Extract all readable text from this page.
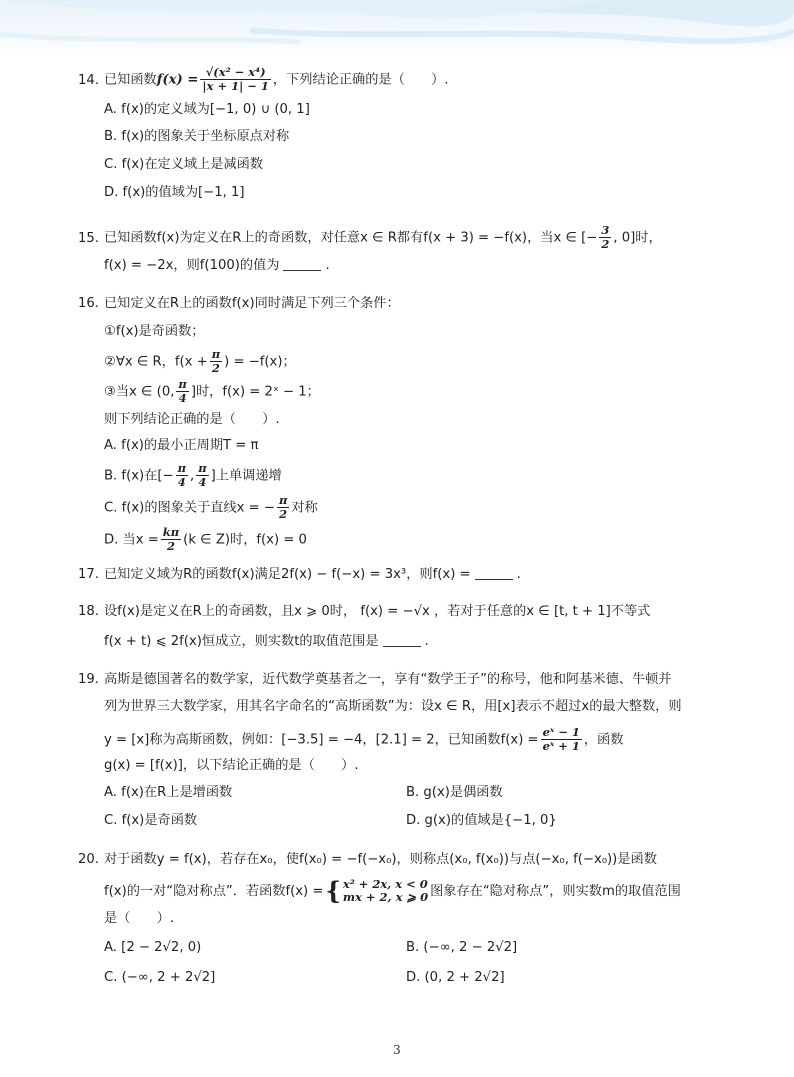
14. 已知函数$f(x) = \frac{\text{√(x² − x⁴)}}{|x + 1| - 1}$ ，下列结论正确的是（　　）.
A. f(x)的定义域为[−1, 0) ∪ (0, 1]
B. f(x)的图象关于坐标原点对称
C. f(x)在定义域上是减函数
D. f(x)的值域为[−1, 1]
15. 已知函数f(x)为定义在R上的奇函数，对任意x ∈ R都有f(x + 3) = −f(x)，当x ∈ [− $\frac{3}{2}$ , 0]时，
f(x) = −2x，则f(100)的值为	.
16. 已知定义在R上的函数f(x)同时满足下列三个条件：
①f(x)是奇函数；
②∀x ∈ R，$f(x + \frac{\pi}{2}$ ) = −f(x)；
③当x ∈ (0, $\frac{\pi}{4}$ ]时，f(x) = 2ˣ − 1；
则下列结论正确的是（　　）.
A. f(x)的最小正周期T = π
B. f(x)在[− $\frac{\pi}{4}$ , $\frac{\pi}{4}$ ]上单调递增
C. f(x)的图象关于直线x = − $\frac{\pi}{2}$ 对称
D. 当$x = \frac{k\pi}{2} (k$ ∈ Z)时，f(x) = 0
17. 已知定义域为R的函数f(x)满足2f(x) − f(−x) = 3x³，则f(x) =	.
18. 设f(x)是定义在R上的奇函数，且x ⩾ 0时， f(x) = −√x ，若对于任意的x ∈ [t, t + 1]不等式
f(x + t) ⩽ 2f(x)恒成立，则实数t的取值范围是	.
19. 高斯是德国著名的数学家，近代数学奠基者之一，享有“数学王子”的称号，他和阿基米德、牛顿并
列为世界三大数学家，用其名字命名的“高斯函数”为：设x ∈ R，用[x]表示不超过x的最大整数，则
y = [x]称为高斯函数，例如：[−3.5] = −4，[2.1] = 2，已知函数$f(x) = \frac{\text{eˣ − 1}}{\text{eˣ + 1}}$ ，函数
g(x) = [f(x)]，以下结论正确的是（　　）.
A. f(x)在R上是增函数	B. g(x)是偶函数
C. f(x)是奇函数	D. g(x)的值域是{−1, 0}
20. 对于函数y = f(x)，若存在x₀，使f(x₀) = −f(−x₀)，则称点(x₀, f(x₀))与点(−x₀, f(−x₀))是函数
f(x)的一对“隐对称点”．若函数f(x) = { x² + 2x, x < 0
mx + 2, x ⩾ 0 图象存在“隐对称点”，则实数m的取值范围
是（　　）.
A. [2 − 2√2, 0)	B. (−∞, 2 − 2√2]
C. (−∞, 2 + 2√2]	D. (0, 2 + 2√2]
3
